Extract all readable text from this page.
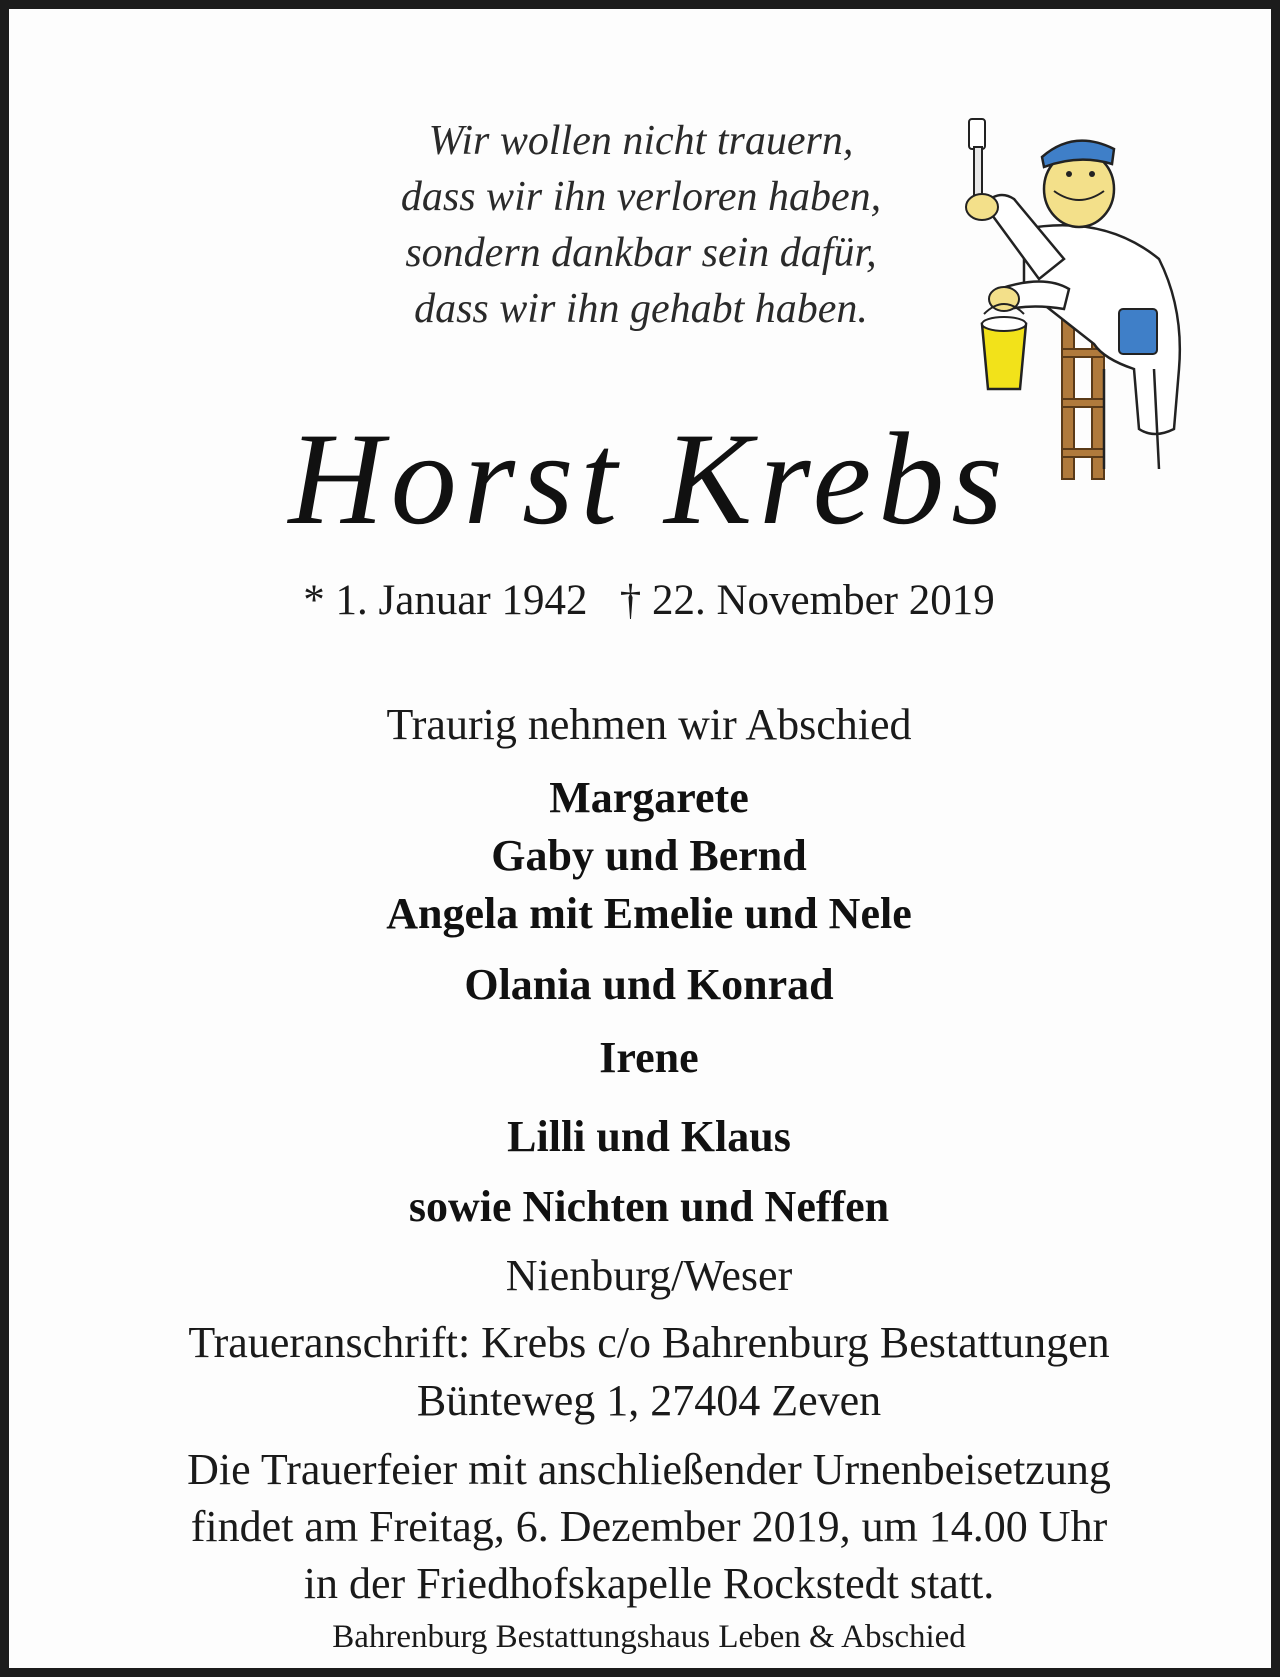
Wir wollen nicht trauern,
dass wir ihn verloren haben,
sondern dankbar sein dafür,
dass wir ihn gehabt haben.
Horst Krebs
* 1. Januar 1942   † 22. November 2019
Traurig nehmen wir Abschied
Margarete
Gaby und Bernd
Angela mit Emelie und Nele
Olania und Konrad
Irene
Lilli und Klaus
sowie Nichten und Neffen
Nienburg/Weser
Traueranschrift: Krebs c/o Bahrenburg Bestattungen
Bünteweg 1, 27404 Zeven
Die Trauerfeier mit anschließender Urnenbeisetzung
findet am Freitag, 6. Dezember 2019, um 14.00 Uhr
in der Friedhofskapelle Rockstedt statt.
Bahrenburg Bestattungshaus Leben & Abschied
